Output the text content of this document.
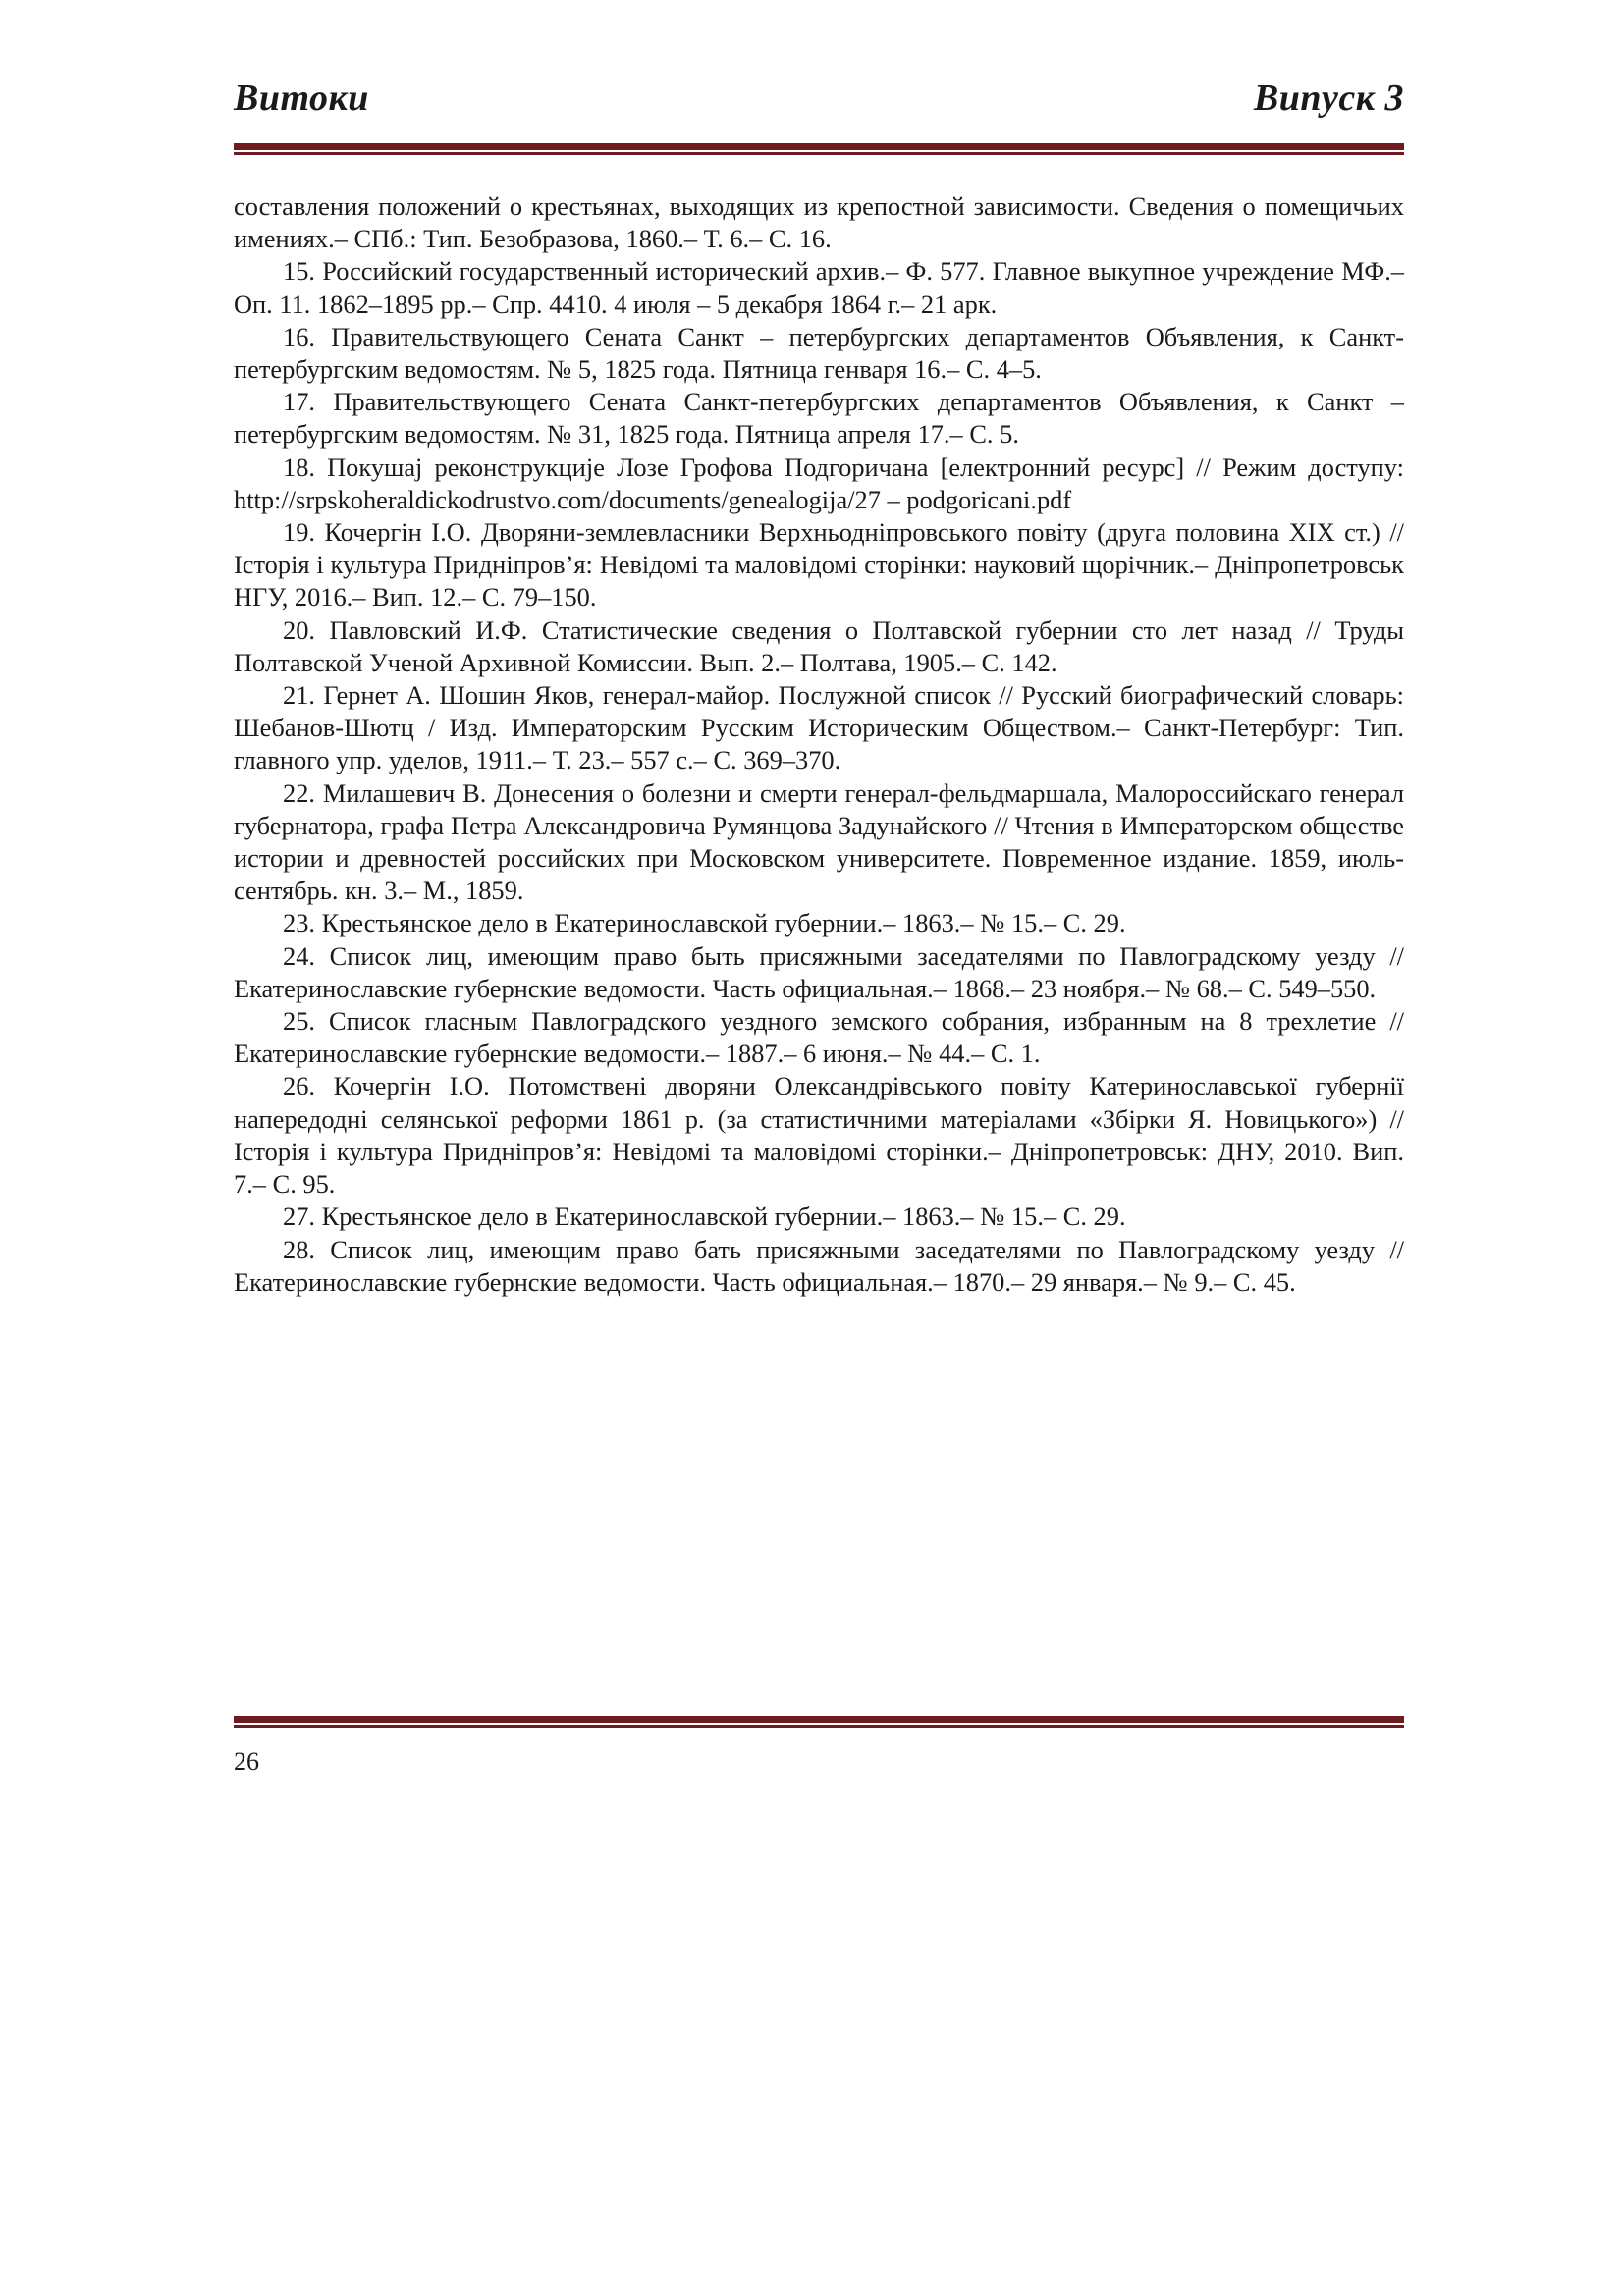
Витоки	Випуск 3

составления положений о крестьянах, выходящих из крепостной зависимости. Сведения о помещичьих имениях.– СПб.: Тип. Безобразова, 1860.– Т. 6.– С. 16.

15. Российский государственный исторический архив.– Ф. 577. Главное выкупное учреждение МФ.– Оп. 11. 1862–1895 рр.– Спр. 4410. 4 июля – 5 декабря 1864 г.– 21 арк.

16. Правительствующего Сената Санкт – петербургских департаментов Объявления, к Санкт-петербургским ведомостям. № 5, 1825 года. Пятница генваря 16.– С. 4–5.

17. Правительствующего Сената Санкт-петербургских департаментов Объявления, к Санкт – петербургским ведомостям. № 31, 1825 года. Пятница апреля 17.– С. 5.

18. Покушај реконструкције Лозе Грофова Подгоричана [електронний ресурс] // Режим доступу: http://srpskoheraldickodrustvo.com/documents/genealogija/27 – podgoricani.pdf

19. Кочергін І.О. Дворяни-землевласники Верхньодніпровського повіту (друга половина ХІХ ст.) // Історія і культура Придніпров’я: Невідомі та маловідомі сторінки: науковий щорічник.– Дніпропетровськ НГУ, 2016.– Вип. 12.– С. 79–150.

20. Павловский И.Ф. Статистические сведения о Полтавской губернии сто лет назад // Труды Полтавской Ученой Архивной Комиссии. Вып. 2.– Полтава, 1905.– С. 142.

21. Гернет А. Шошин Яков, генерал-майор. Послужной список // Русский биографический словарь: Шебанов-Шютц / Изд. Императорским Русским Историческим Обществом.– Санкт-Петербург: Тип. главного упр. уделов, 1911.– Т. 23.– 557 с.– С. 369–370.

22. Милашевич В. Донесения о болезни и смерти генерал-фельдмаршала, Малороссийскаго генерал губернатора, графа Петра Александровича Румянцова Задунайского // Чтения в Императорском обществе истории и древностей российских при Московском университете. Повременное издание. 1859, июль-сентябрь. кн. 3.– М., 1859.

23. Крестьянское дело в Екатеринославской губернии.– 1863.– № 15.– С. 29.

24. Список лиц, имеющим право быть присяжными заседателями по Павлоградскому уезду // Екатеринославские губернские ведомости. Часть официальная.– 1868.– 23 ноября.– № 68.– С. 549–550.

25. Список гласным Павлоградского уездного земского собрания, избранным на 8 трехлетие // Екатеринославские губернские ведомости.– 1887.– 6 июня.– № 44.– С. 1.

26. Кочергін І.О. Потомствені дворяни Олександрівського повіту Катеринославської губернії напередодні селянської реформи 1861 р. (за статистичними матеріалами «Збірки Я. Новицького») // Історія і культура Придніпров’я: Невідомі та маловідомі сторінки.– Дніпропетровськ: ДНУ, 2010. Вип. 7.– С. 95.

27. Крестьянское дело в Екатеринославской губернии.– 1863.– № 15.– С. 29.

28. Список лиц, имеющим право бать присяжными заседателями по Павлоградскому уезду // Екатеринославские губернские ведомости. Часть официальная.– 1870.– 29 января.– № 9.– С. 45.

26
